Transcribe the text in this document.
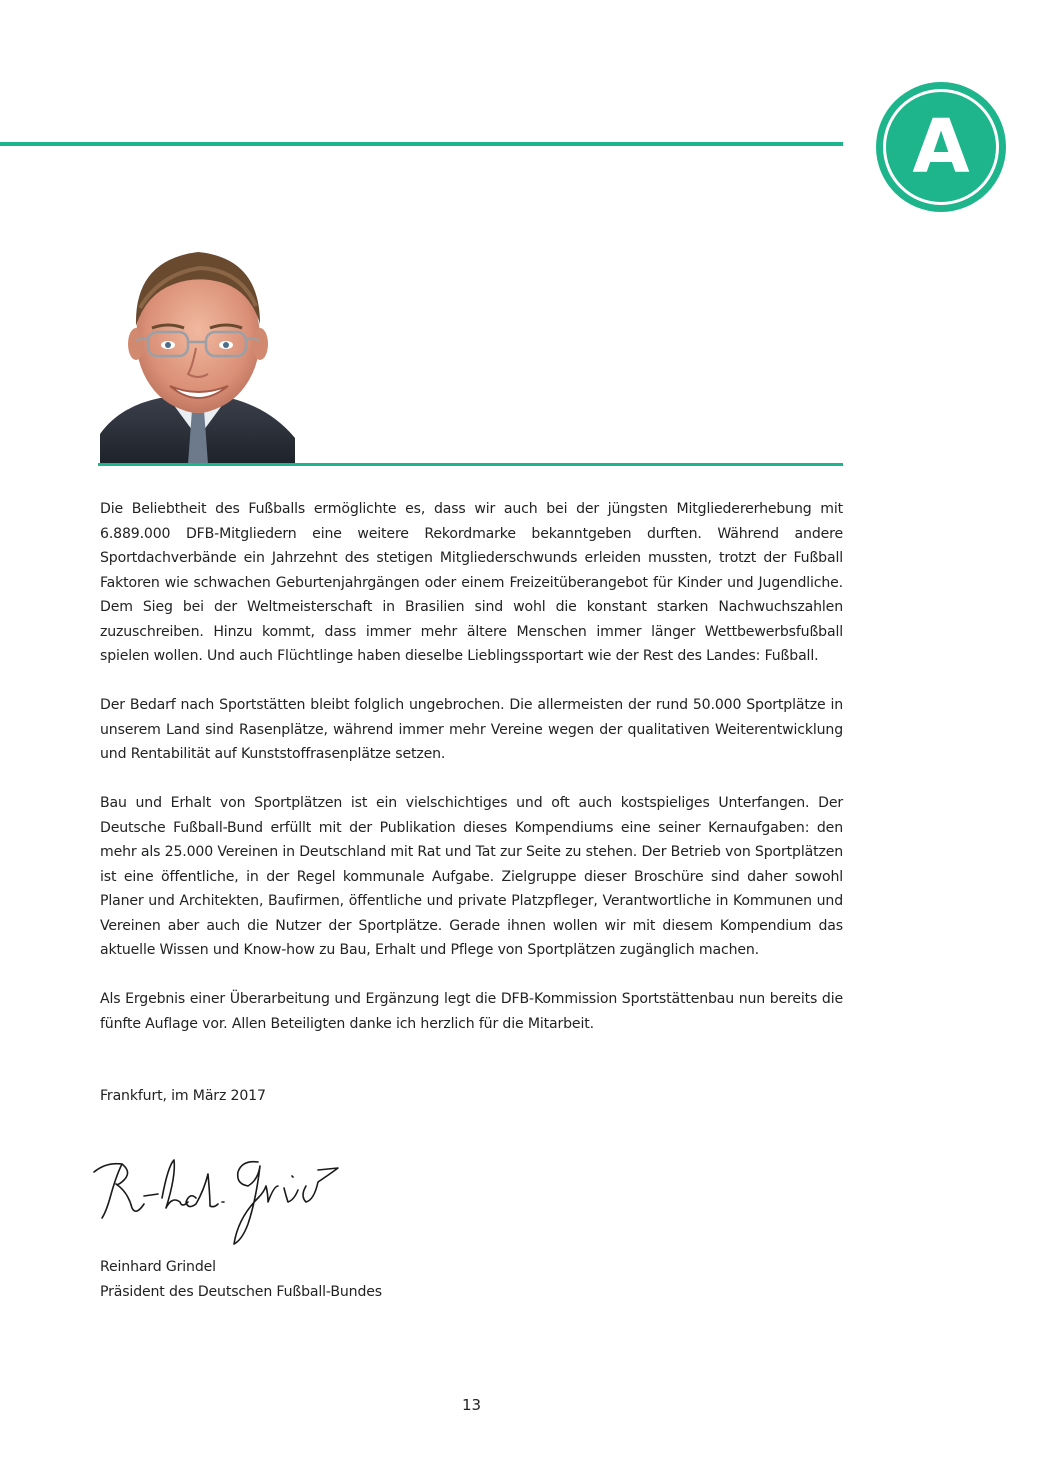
A

Die Beliebtheit des Fußballs ermöglichte es, dass wir auch bei der jüngsten Mitgliedererhebung mit 6.889.000 DFB-Mitgliedern eine weitere Rekordmarke bekanntgeben durften. Während andere Sportdachverbände ein Jahrzehnt des stetigen Mitgliederschwunds erleiden mussten, trotzt der Fußball Faktoren wie schwachen Geburtenjahrgängen oder einem Freizeitüberangebot für Kinder und Jugendliche. Dem Sieg bei der Weltmeisterschaft in Brasilien sind wohl die konstant starken Nachwuchszahlen zuzuschreiben. Hinzu kommt, dass immer mehr ältere Menschen immer länger Wettbewerbsfußball spielen wollen. Und auch Flüchtlinge haben dieselbe Lieblingssportart wie der Rest des Landes: Fußball.

Der Bedarf nach Sportstätten bleibt folglich ungebrochen. Die allermeisten der rund 50.000 Sportplätze in unserem Land sind Rasenplätze, während immer mehr Vereine wegen der qualitativen Weiterentwicklung und Rentabilität auf Kunststoffrasenplätze setzen.

Bau und Erhalt von Sportplätzen ist ein vielschichtiges und oft auch kostspieliges Unterfangen. Der Deutsche Fußball-Bund erfüllt mit der Publikation dieses Kompendiums eine seiner Kernaufgaben: den mehr als 25.000 Vereinen in Deutschland mit Rat und Tat zur Seite zu stehen. Der Betrieb von Sportplätzen ist eine öffentliche, in der Regel kommunale Aufgabe. Zielgruppe dieser Broschüre sind daher sowohl Planer und Architekten, Baufirmen, öffentliche und private Platzpfleger, Verantwortliche in Kommunen und Vereinen aber auch die Nutzer der Sportplätze. Gerade ihnen wollen wir mit diesem Kompendium das aktuelle Wissen und Know-how zu Bau, Erhalt und Pflege von Sportplätzen zugänglich machen.

Als Ergebnis einer Überarbeitung und Ergänzung legt die DFB-Kommission Sportstättenbau nun bereits die fünfte Auflage vor. Allen Beteiligten danke ich herzlich für die Mitarbeit.

Frankfurt, im März 2017
Reinhard Grindel
Präsident des Deutschen Fußball-Bundes
13
